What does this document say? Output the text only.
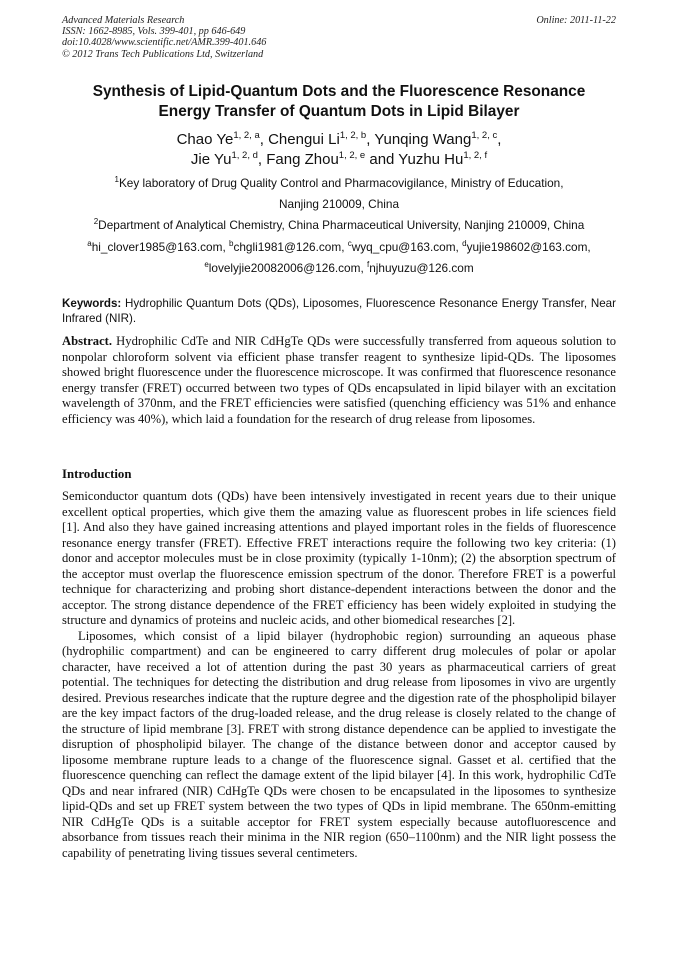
Advanced Materials Research
ISSN: 1662-8985, Vols. 399-401, pp 646-649
doi:10.4028/www.scientific.net/AMR.399-401.646
© 2012 Trans Tech Publications Ltd, Switzerland
Online: 2011-11-22
Synthesis of Lipid-Quantum Dots and the Fluorescence Resonance
Energy Transfer of Quantum Dots in Lipid Bilayer
Chao Ye$^{1, 2, a}$, Chengui Li$^{1, 2, b}$, Yunqing Wang$^{1, 2, c}$,
Jie Yu$^{1, 2, d}$, Fang Zhou$^{1, 2, e}$ and Yuzhu Hu$^{1, 2, f}$
$^1$Key laboratory of Drug Quality Control and Pharmacovigilance, Ministry of Education,
Nanjing 210009, China
$^2$Department of Analytical Chemistry, China Pharmaceutical University, Nanjing 210009, China
$^a$hi_clover1985@163.com, $^b$chgli1981@126.com, $^c$wyq_cpu@163.com, $^d$yujie198602@163.com,
$^e$lovelyjie20082006@126.com, $^f$njhuyuzu@126.com
Keywords: Hydrophilic Quantum Dots (QDs), Liposomes, Fluorescence Resonance Energy Transfer, Near Infrared (NIR).
Abstract. Hydrophilic CdTe and NIR CdHgTe QDs were successfully transferred from aqueous solution to nonpolar chloroform solvent via efficient phase transfer reagent to synthesize lipid-QDs. The liposomes showed bright fluorescence under the fluorescence microscope. It was confirmed that fluorescence resonance energy transfer (FRET) occurred between two types of QDs encapsulated in lipid bilayer with an excitation wavelength of 370nm, and the FRET efficiencies were satisfied (quenching efficiency was 51% and enhance efficiency was 40%), which laid a foundation for the research of drug release from liposomes.
Introduction

Semiconductor quantum dots (QDs) have been intensively investigated in recent years due to their unique excellent optical properties, which give them the amazing value as fluorescent probes in life sciences field [1]. And also they have gained increasing attentions and played important roles in the fields of fluorescence resonance energy transfer (FRET). Effective FRET interactions require the following two key criteria: (1) donor and acceptor molecules must be in close proximity (typically 1-10nm); (2) the absorption spectrum of the acceptor must overlap the fluorescence emission spectrum of the donor. Therefore FRET is a powerful technique for characterizing and probing short distance-dependent interactions between the donor and the acceptor. The strong distance dependence of the FRET efficiency has been widely exploited in studying the structure and dynamics of proteins and nucleic acids, and other biomedical researches [2].

Liposomes, which consist of a lipid bilayer (hydrophobic region) surrounding an aqueous phase (hydrophilic compartment) and can be engineered to carry different drug molecules of polar or apolar character, have received a lot of attention during the past 30 years as pharmaceutical carriers of great potential. The techniques for detecting the distribution and drug release from liposomes in vivo are urgently desired. Previous researches indicate that the rupture degree and the digestion rate of the phospholipid bilayer are the key impact factors of the drug-loaded release, and the drug release is closely related to the change of the structure of lipid membrane [3]. FRET with strong distance dependence can be applied to investigate the disruption of phospholipid bilayer. The change of the distance between donor and acceptor caused by liposome membrane rupture leads to a change of the fluorescence signal. Gasset et al. certified that the fluorescence quenching can reflect the damage extent of the lipid bilayer [4]. In this work, hydrophilic CdTe QDs and near infrared (NIR) CdHgTe QDs were chosen to be encapsulated in the liposomes to synthesize lipid-QDs and set up FRET system between the two types of QDs in lipid membrane. The 650nm-emitting NIR CdHgTe QDs is a suitable acceptor for FRET system especially because autofluorescence and absorbance from tissues reach their minima in the NIR region (650–1100nm) and the NIR light possess the capability of penetrating living tissues several centimeters.
